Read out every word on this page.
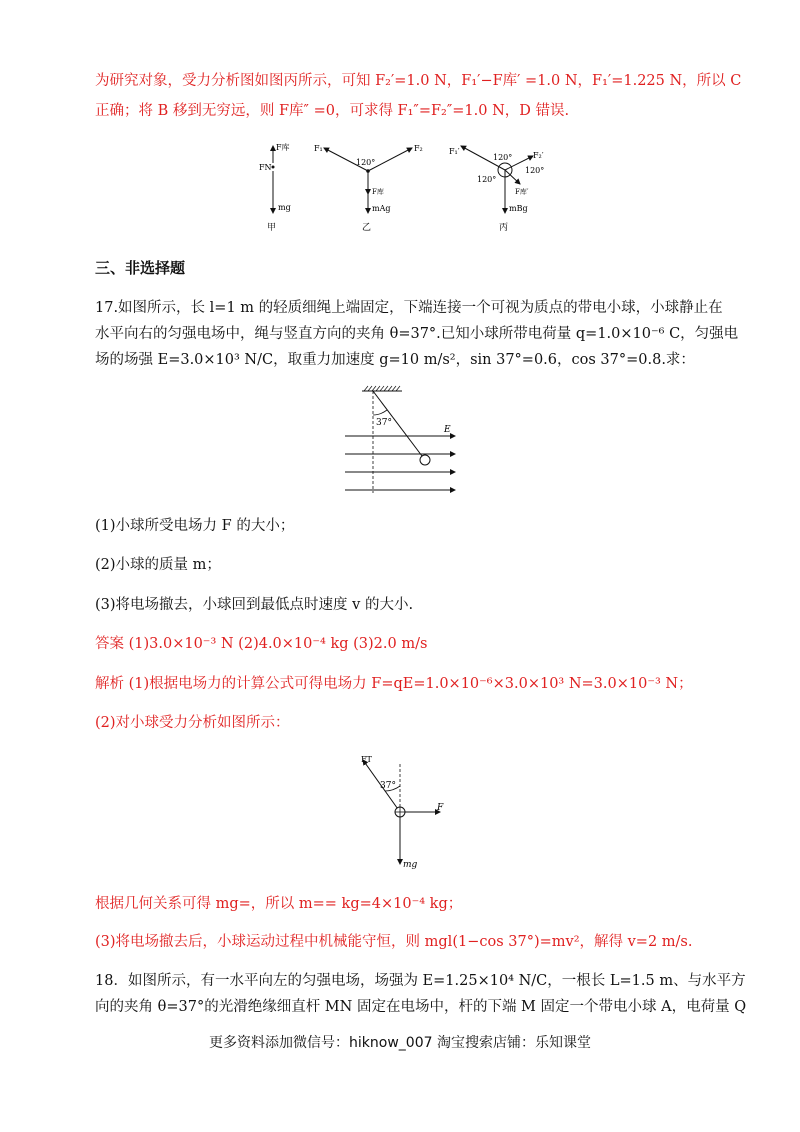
为研究对象，受力分析图如图丙所示，可知 F₂′=1.0 N，F₁′−F库′ =1.0 N，F₁′=1.225 N，所以 C
正确；将 B 移到无穷远，则 F库″ =0，可求得 F₁″=F₂″=1.0 N，D 错误.
F库
FN
mg
甲
F₁	F₂
120°
F库
mAg
乙
F₁′	F₂′
120°
120°
120°
F库′
mBg
丙
三、非选择题
17.如图所示，长 l=1 m 的轻质细绳上端固定，下端连接一个可视为质点的带电小球，小球静止在
水平向右的匀强电场中，绳与竖直方向的夹角 θ=37°.已知小球所带电荷量 q=1.0×10⁻⁶ C，匀强电
场的场强 E=3.0×10³ N/C，取重力加速度 g=10 m/s²，sin 37°=0.6，cos 37°=0.8.求：
37°
E
(1)小球所受电场力 F 的大小；
(2)小球的质量 m；
(3)将电场撤去，小球回到最低点时速度 v 的大小.
答案 (1)3.0×10⁻³ N (2)4.0×10⁻⁴ kg (3)2.0 m/s
解析 (1)根据电场力的计算公式可得电场力 F=qE=1.0×10⁻⁶×3.0×10³ N=3.0×10⁻³ N；
(2)对小球受力分析如图所示：
FT
37°
F
mg
根据几何关系可得 mg=，所以 m== kg=4×10⁻⁴ kg；
(3)将电场撤去后，小球运动过程中机械能守恒，则 mgl(1−cos 37°)=mv²，解得 v=2 m/s.
18．如图所示，有一水平向左的匀强电场，场强为 E=1.25×10⁴ N/C，一根长 L=1.5 m、与水平方
向的夹角 θ=37°的光滑绝缘细直杆 MN 固定在电场中，杆的下端 M 固定一个带电小球 A，电荷量 Q
更多资料添加微信号：hiknow_007 淘宝搜索店铺：乐知课堂
